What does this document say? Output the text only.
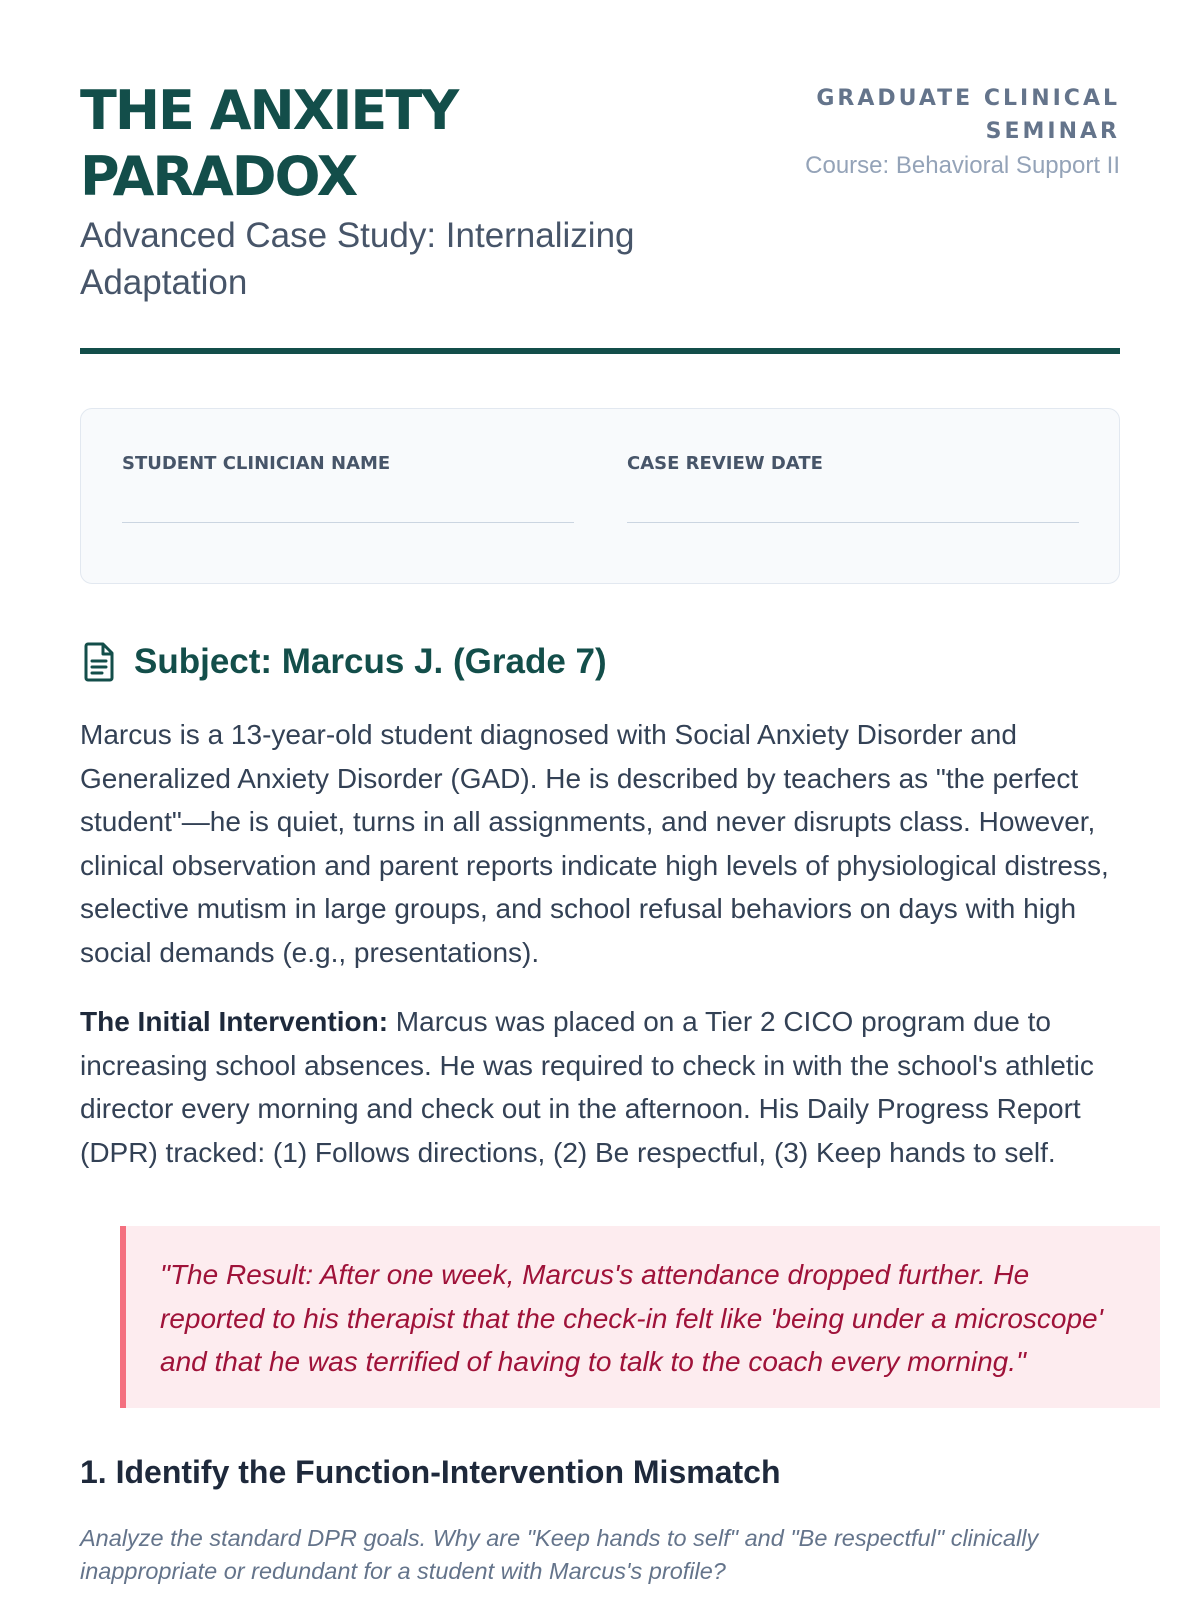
THE ANXIETY PARADOX

Advanced Case Study: Internalizing Adaptation

GRADUATE CLINICAL SEMINAR
Course: Behavioral Support II
STUDENT CLINICIAN NAME	CASE REVIEW DATE
Subject: Marcus J. (Grade 7)

Marcus is a 13-year-old student diagnosed with Social Anxiety Disorder and Generalized Anxiety Disorder (GAD). He is described by teachers as "the perfect student"—he is quiet, turns in all assignments, and never disrupts class. However, clinical observation and parent reports indicate high levels of physiological distress, selective mutism in large groups, and school refusal behaviors on days with high social demands (e.g., presentations).

The Initial Intervention: Marcus was placed on a Tier 2 CICO program due to increasing school absences. He was required to check in with the school's athletic director every morning and check out in the afternoon. His Daily Progress Report (DPR) tracked: (1) Follows directions, (2) Be respectful, (3) Keep hands to self.

"The Result: After one week, Marcus's attendance dropped further. He reported to his therapist that the check-in felt like 'being under a microscope' and that he was terrified of having to talk to the coach every morning."
1. Identify the Function-Intervention Mismatch

Analyze the standard DPR goals. Why are "Keep hands to self" and "Be respectful" clinically inappropriate or redundant for a student with Marcus's profile?
